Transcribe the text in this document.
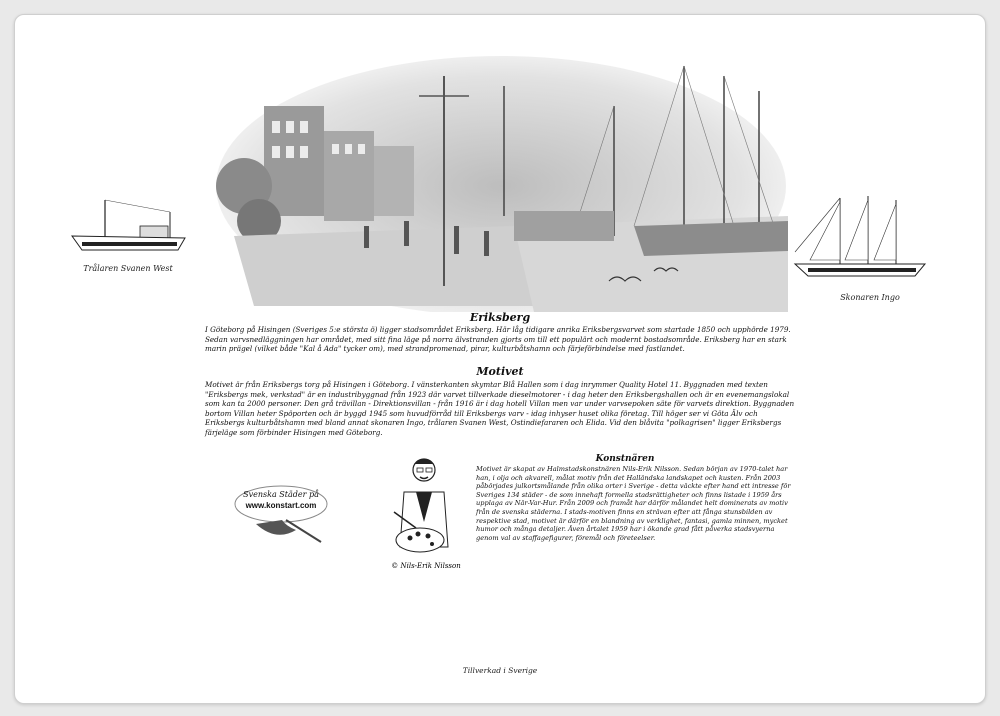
Trålaren Svanen West
Skonaren Ingo
Eriksberg

I Göteborg på Hisingen (Sveriges 5:e största ö) ligger stadsområdet Eriksberg. Här låg tidigare anrika Eriksbergsvarvet som startade 1850 och upphörde 1979. Sedan varvsnedläggningen har området, med sitt fina läge på norra älvstranden gjorts om till ett populärt och modernt bostadsområde. Eriksberg har en stark marin prägel (vilket både "Kal å Ada" tycker om), med strandpromenad, pirar, kulturbåtshamn och färjeförbindelse med fastlandet.

Motivet

Motivet är från Eriksbergs torg på Hisingen i Göteborg. I vänsterkanten skymtar Blå Hallen som i dag inrymmer Quality Hotel 11. Byggnaden med texten "Eriksbergs mek, verkstad" är en industribyggnad från 1923 där varvet tillverkade dieselmotorer - i dag heter den Eriksbergshallen och är en evenemangslokal som kan ta 2000 personer. Den grå trävillan - Direktionsvillan - från 1916 är i dag hotell Villan men var under varvsepoken säte för varvets direktion. Byggnaden bortom Villan heter Spöporten och är byggd 1945 som huvudförråd till Eriksbergs varv - idag inhyser huset olika företag. Till höger ser vi Göta Älv och Eriksbergs kulturbåtshamn med bland annat skonaren Ingo, trålaren Svanen West, Ostindiefararen och Elida. Vid den blåvita "polkagrisen" ligger Eriksbergs färjeläge som förbinder Hisingen med Göteborg.

Konstnären

Motivet är skapat av Halmstadskonstnären Nils-Erik Nilsson. Sedan början av 1970-talet har han, i olja och akvarell, målat motiv från det Halländska landskapet och kusten. Från 2003 påbörjades julkortsmålande från olika orter i Sverige - detta väckte efter hand ett intresse för Sveriges 134 städer - de som innehaft formella stadsrättigheter och finns listade i 1959 års upplaga av När-Var-Hur. Från 2009 och framåt har därför målandet helt dominerats av motiv från de svenska städerna. I stads-motiven finns en strävan efter att fånga stunsbilden av respektive stad, motivet är därför en blandning av verklighet, fantasi, gamla minnen, mycket humor och många detaljer. Även årtalet 1959 har i ökande grad fått påverka stadsvyerna genom val av staffagefigurer, föremål och företeelser.

© Nils-Erik Nilsson
Svenska Städer på
www.konstart.com
Tillverkad i Sverige
